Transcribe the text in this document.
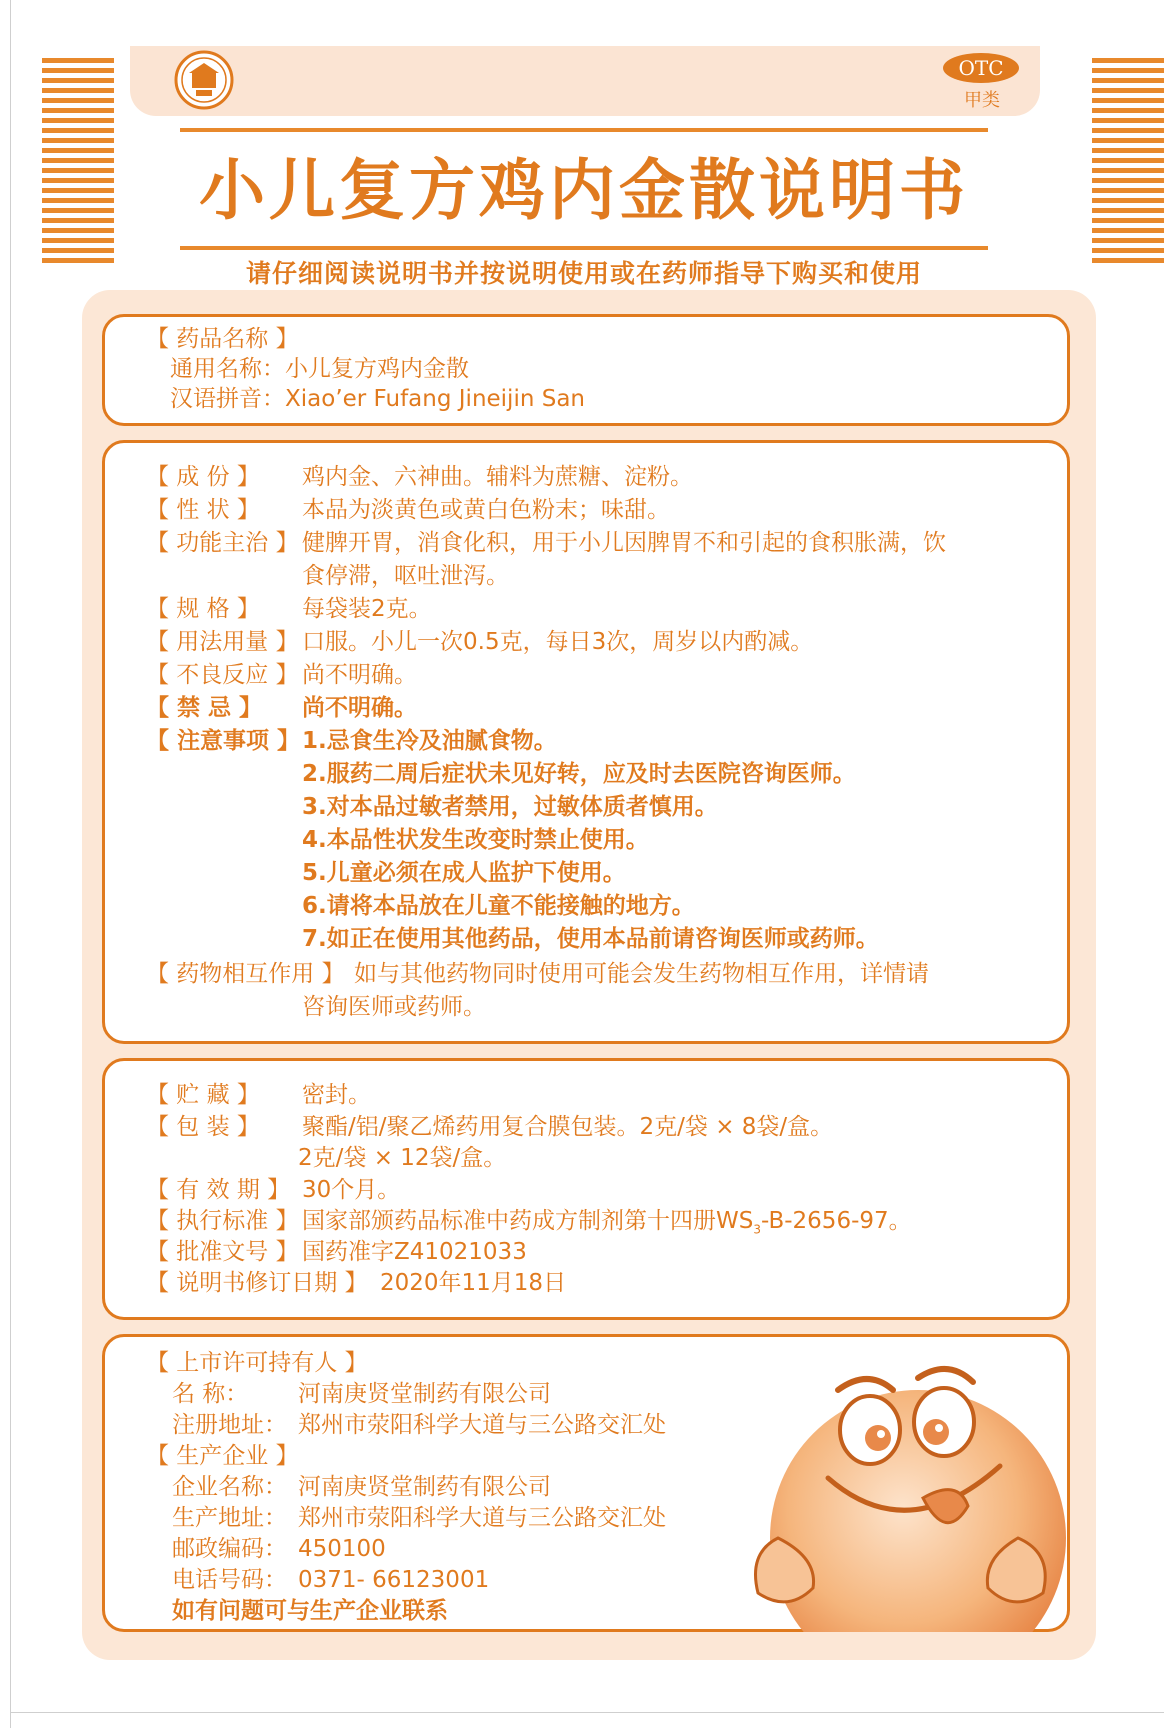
OTC
甲类
小儿复方鸡内金散说明书
请仔细阅读说明书并按说明使用或在药师指导下购买和使用
【 药品名称 】
通用名称：小儿复方鸡内金散
汉语拼音：Xiao’er Fufang Jineijin San
【 成 份 】 鸡内金、六神曲。辅料为蔗糖、淀粉。
【 性 状 】 本品为淡黄色或黄白色粉末；味甜。
【 功能主治 】 健脾开胃，消食化积，用于小儿因脾胃不和引起的食积胀满，饮
食停滞，呕吐泄泻。
【 规 格 】 每袋装2克。
【 用法用量 】 口服。小儿一次0.5克，每日3次，周岁以内酌减。
【 不良反应 】 尚不明确。
【 禁 忌 】 尚不明确。
【 注意事项 】 1.忌食生冷及油腻食物。
2.服药二周后症状未见好转，应及时去医院咨询医师。
3.对本品过敏者禁用，过敏体质者慎用。
4.本品性状发生改变时禁止使用。
5.儿童必须在成人监护下使用。
6.请将本品放在儿童不能接触的地方。
7.如正在使用其他药品，使用本品前请咨询医师或药师。
【 药物相互作用 】 如与其他药物同时使用可能会发生药物相互作用，详情请
咨询医师或药师。
【 贮 藏 】 密封。
【 包 装 】 聚酯/铝/聚乙烯药用复合膜包装。2克/袋 × 8袋/盒。
2克/袋 × 12袋/盒。
【 有 效 期 】 30个月。
【 执行标准 】 国家部颁药品标准中药成方制剂第十四册$WS_3-B-2656-97$。
【 批准文号 】 国药准字Z41021033
【 说明书修订日期 】 2020年11月18日
【 上市许可持有人 】
名 称： 河南庚贤堂制药有限公司
注册地址： 郑州市荥阳科学大道与三公路交汇处
【 生产企业 】
企业名称： 河南庚贤堂制药有限公司
生产地址： 郑州市荥阳科学大道与三公路交汇处
邮政编码： 450100
电话号码： 0371- 66123001
如有问题可与生产企业联系
